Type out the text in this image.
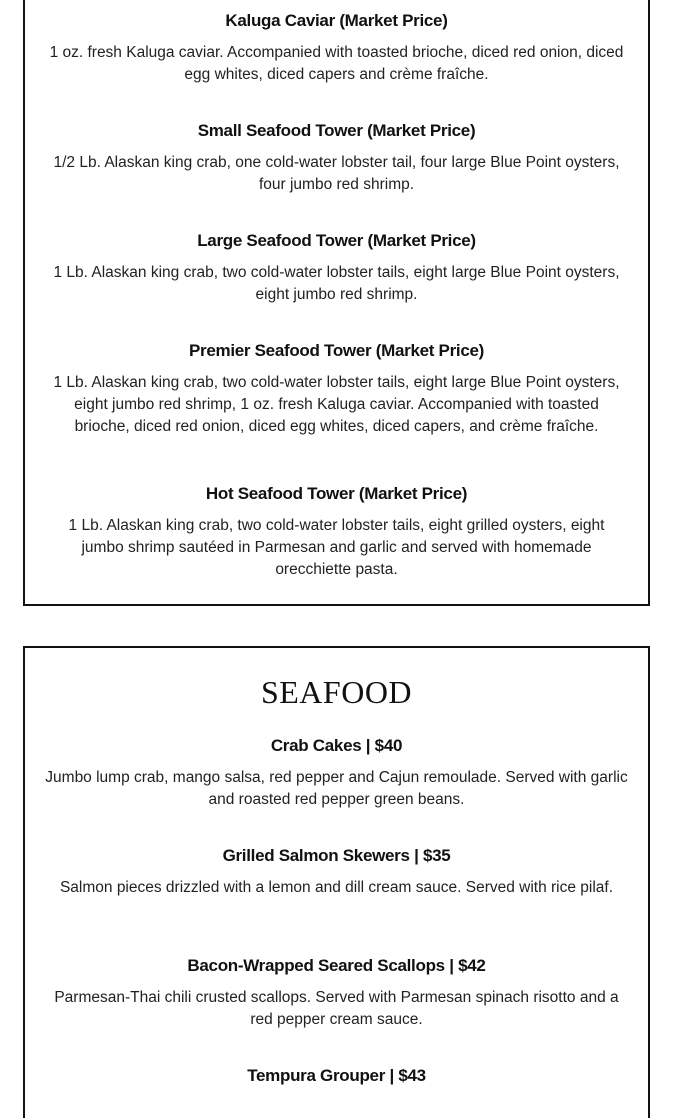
Kaluga Caviar (Market Price)

1 oz. fresh Kaluga caviar. Accompanied with toasted brioche, diced red onion, diced egg whites, diced capers and crème fraîche.

Small Seafood Tower (Market Price)

1/2 Lb. Alaskan king crab, one cold-water lobster tail, four large Blue Point oysters, four jumbo red shrimp.

Large Seafood Tower (Market Price)

1 Lb. Alaskan king crab, two cold-water lobster tails, eight large Blue Point oysters, eight jumbo red shrimp.

Premier Seafood Tower (Market Price)

1 Lb. Alaskan king crab, two cold-water lobster tails, eight large Blue Point oysters, eight jumbo red shrimp, 1 oz. fresh Kaluga caviar. Accompanied with toasted brioche, diced red onion, diced egg whites, diced capers, and crème fraîche.

Hot Seafood Tower (Market Price)

1 Lb. Alaskan king crab, two cold-water lobster tails, eight grilled oysters, eight jumbo shrimp sautéed in Parmesan and garlic and served with homemade orecchiette pasta.

SEAFOOD

Crab Cakes | $40

Jumbo lump crab, mango salsa, red pepper and Cajun remoulade. Served with garlic and roasted red pepper green beans.

Grilled Salmon Skewers | $35

Salmon pieces drizzled with a lemon and dill cream sauce. Served with rice pilaf.

Bacon-Wrapped Seared Scallops | $42

Parmesan-Thai chili crusted scallops. Served with Parmesan spinach risotto and a red pepper cream sauce.

Tempura Grouper | $43
